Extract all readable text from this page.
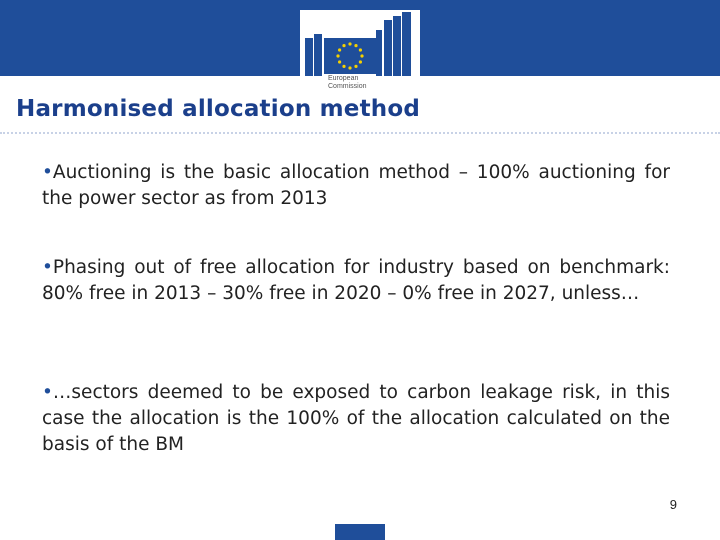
European
Commission
Harmonised allocation method

•Auctioning is the basic allocation method – 100% auctioning for the power sector as from 2013

•Phasing out of free allocation for industry based on benchmark: 80% free in 2013 – 30% free in 2020 – 0% free in 2027, unless…

•…sectors deemed to be exposed to carbon leakage risk, in this case the allocation is the 100% of the allocation calculated on the basis of the BM

9
